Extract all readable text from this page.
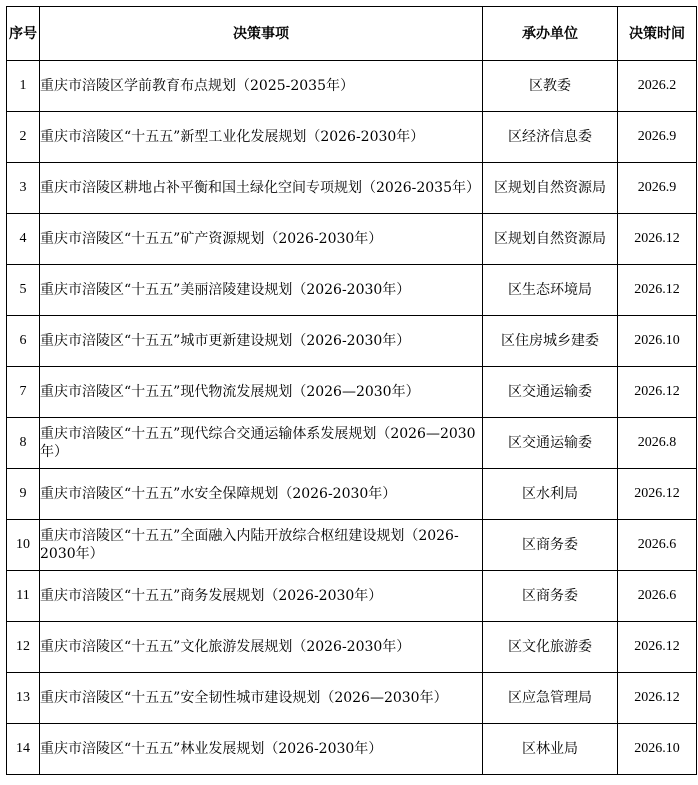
序号	决策事项	承办单位	决策时间
1	重庆市涪陵区学前教育布点规划（2025-2035年）	区教委	2026.2
2	重庆市涪陵区“十五五”新型工业化发展规划（2026-2030年）	区经济信息委	2026.9
3	重庆市涪陵区耕地占补平衡和国土绿化空间专项规划（2026-2035年）	区规划自然资源局	2026.9
4	重庆市涪陵区“十五五”矿产资源规划（2026-2030年）	区规划自然资源局	2026.12
5	重庆市涪陵区“十五五”美丽涪陵建设规划（2026-2030年）	区生态环境局	2026.12
6	重庆市涪陵区“十五五”城市更新建设规划（2026-2030年）	区住房城乡建委	2026.10
7	重庆市涪陵区“十五五”现代物流发展规划（2026—2030年）	区交通运输委	2026.12
8	重庆市涪陵区“十五五”现代综合交通运输体系发展规划（2026—2030年）	区交通运输委	2026.8
9	重庆市涪陵区“十五五”水安全保障规划（2026-2030年）	区水利局	2026.12
10	重庆市涪陵区“十五五”全面融入内陆开放综合枢纽建设规划（2026-2030年）	区商务委	2026.6
11	重庆市涪陵区“十五五”商务发展规划（2026-2030年）	区商务委	2026.6
12	重庆市涪陵区“十五五”文化旅游发展规划（2026-2030年）	区文化旅游委	2026.12
13	重庆市涪陵区“十五五”安全韧性城市建设规划（2026—2030年）	区应急管理局	2026.12
14	重庆市涪陵区“十五五”林业发展规划（2026-2030年）	区林业局	2026.10
